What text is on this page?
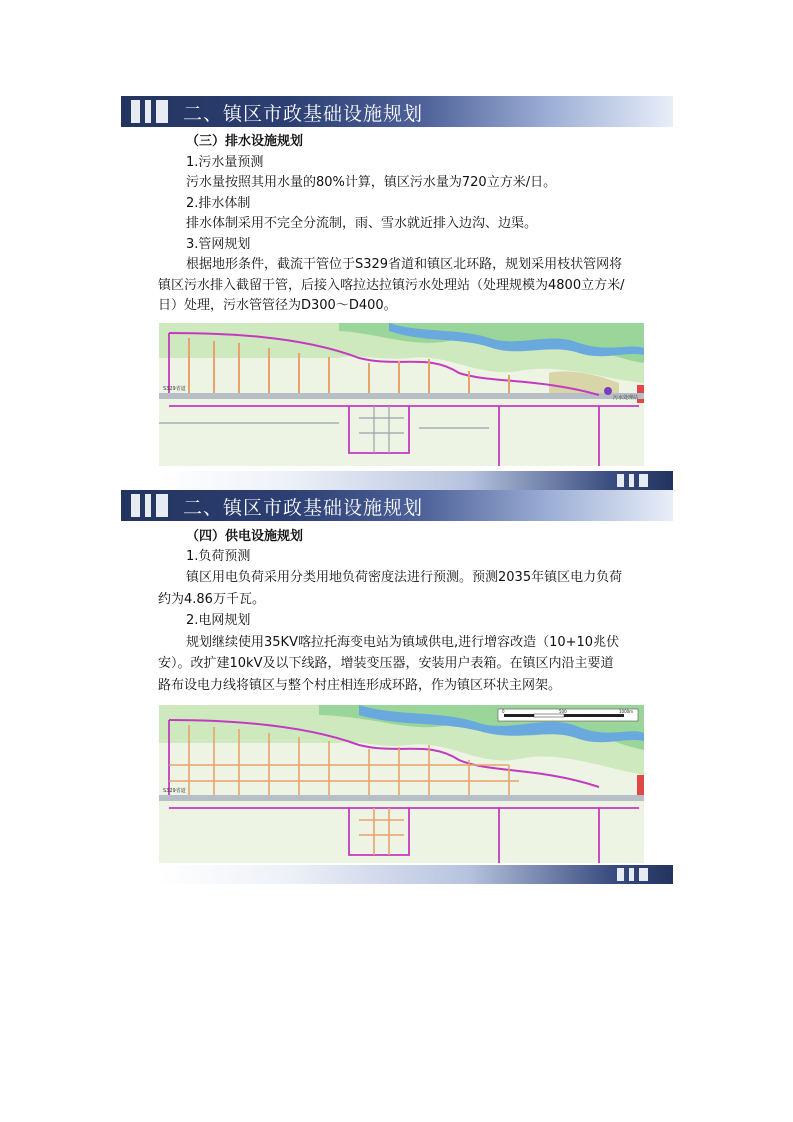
二、镇区市政基础设施规划
（三）排水设施规划
1.污水量预测
污水量按照其用水量的80%计算，镇区污水量为720立方米/日。
2.排水体制
排水体制采用不完全分流制，雨、雪水就近排入边沟、边渠。
3.管网规划
根据地形条件，截流干管位于S329省道和镇区北环路，规划采用枝状管网将
镇区污水排入截留干管，后接入喀拉达拉镇污水处理站（处理规模为4800立方米/
日）处理，污水管管径为D300～D400。
S329省道
污水处理站
二、镇区市政基础设施规划
（四）供电设施规划
1.负荷预测
镇区用电负荷采用分类用地负荷密度法进行预测。预测2035年镇区电力负荷
约为4.86万千瓦。
2.电网规划
规划继续使用35KV喀拉托海变电站为镇域供电,进行增容改造（10+10兆伏
安）。改扩建10kV及以下线路，增装变压器，安装用户表箱。在镇区内沿主要道
路布设电力线将镇区与整个村庄相连形成环路，作为镇区环状主网架。
0	500	1000m
S329省道
